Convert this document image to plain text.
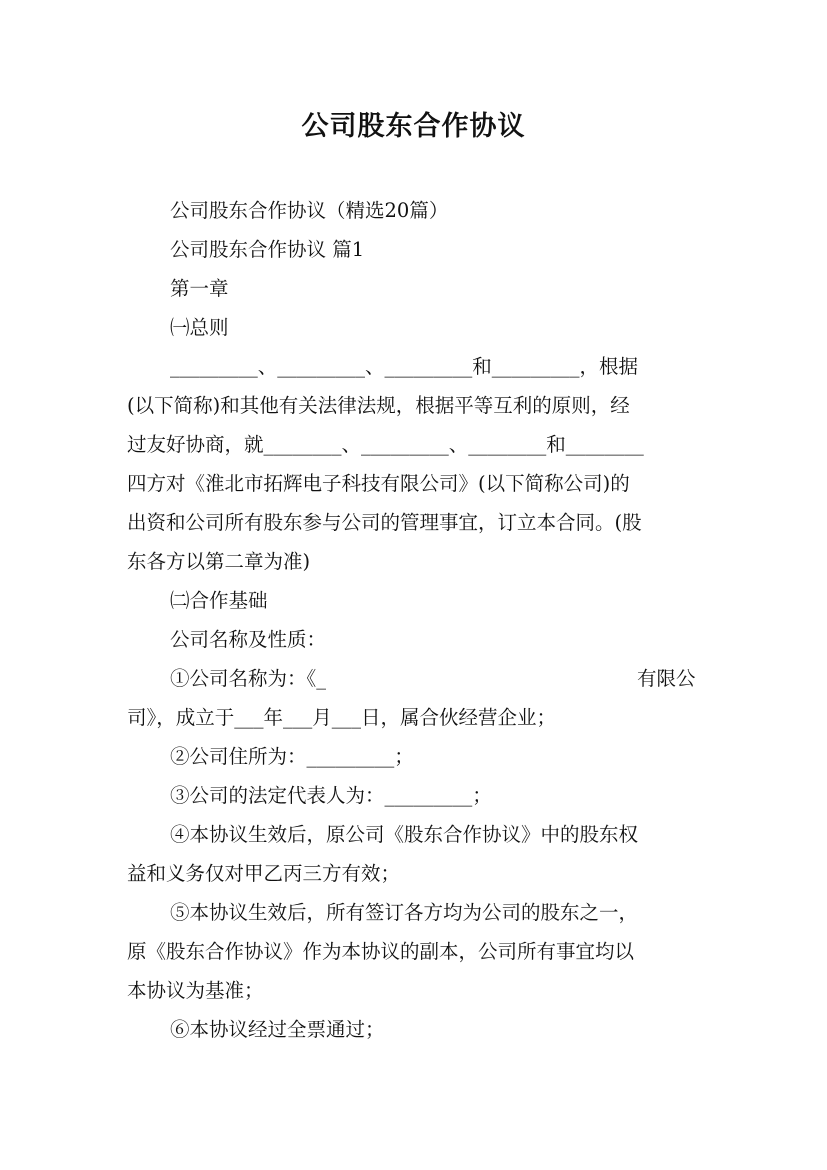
公司股东合作协议

公司股东合作协议（精选20篇）

公司股东合作协议 篇1

第一章

㈠总则

_________、_________、_________和_________，根据

(以下简称)和其他有关法律法规，根据平等互利的原则，经

过友好协商，就________、_________、________和________

四方对《淮北市拓辉电子科技有限公司》(以下简称公司)的

出资和公司所有股东参与公司的管理事宜，订立本合同。(股

东各方以第二章为准)

㈡合作基础

公司名称及性质：

①公司名称为：《_	有限公

司》，成立于___年___月___日，属合伙经营企业；

②公司住所为：_________；

③公司的法定代表人为：_________；

④本协议生效后，原公司《股东合作协议》中的股东权

益和义务仅对甲乙丙三方有效；

⑤本协议生效后，所有签订各方均为公司的股东之一，

原《股东合作协议》作为本协议的副本，公司所有事宜均以

本协议为基准；

⑥本协议经过全票通过；
